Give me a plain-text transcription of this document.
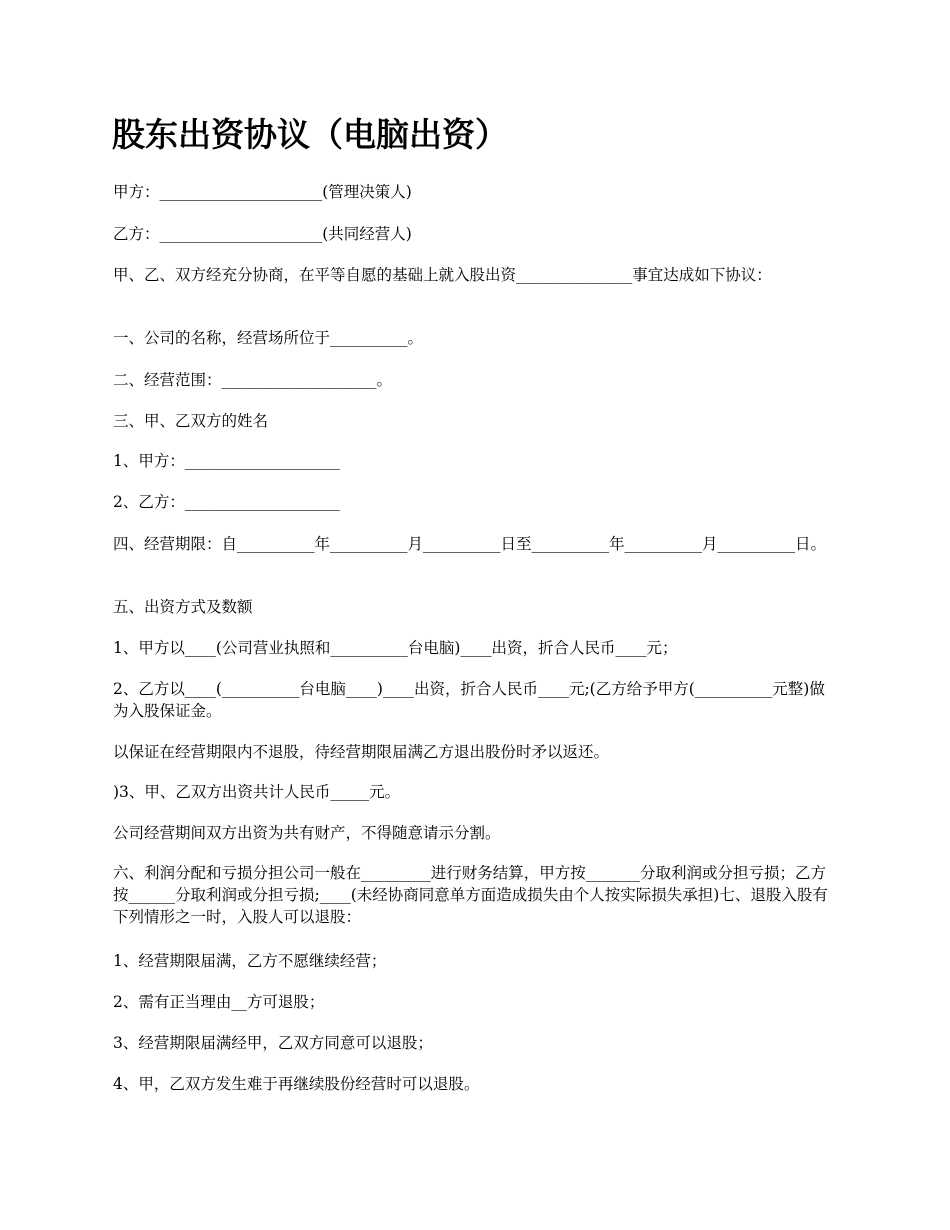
股东出资协议（电脑出资）

甲方：_____________________(管理决策人)

乙方：_____________________(共同经营人)

甲、乙、双方经充分协商，在平等自愿的基础上就入股出资_______________事宜达成如下协议：

一、公司的名称，经营场所位于__________。

二、经营范围：____________________。

三、甲、乙双方的姓名

1、甲方：____________________

2、乙方：____________________

四、经营期限：自__________年__________月__________日至__________年__________月__________日。

五、出资方式及数额

1、甲方以____(公司营业执照和__________台电脑)____出资，折合人民币____元；

2、乙方以____(__________台电脑____)____出资，折合人民币____元;(乙方给予甲方(__________元整)做为入股保证金。

以保证在经营期限内不退股，待经营期限届满乙方退出股份时矛以返还。

)3、甲、乙双方出资共计人民币_____元。

公司经营期间双方出资为共有财产，不得随意请示分割。

六、利润分配和亏损分担公司一般在_________进行财务结算，甲方按_______分取利润或分担亏损；乙方按______分取利润或分担亏损;____(未经协商同意单方面造成损失由个人按实际损失承担)七、退股入股有下列情形之一时，入股人可以退股：

1、经营期限届满，乙方不愿继续经营；

2、需有正当理由__方可退股；

3、经营期限届满经甲，乙双方同意可以退股；

4、甲，乙双方发生难于再继续股份经营时可以退股。
